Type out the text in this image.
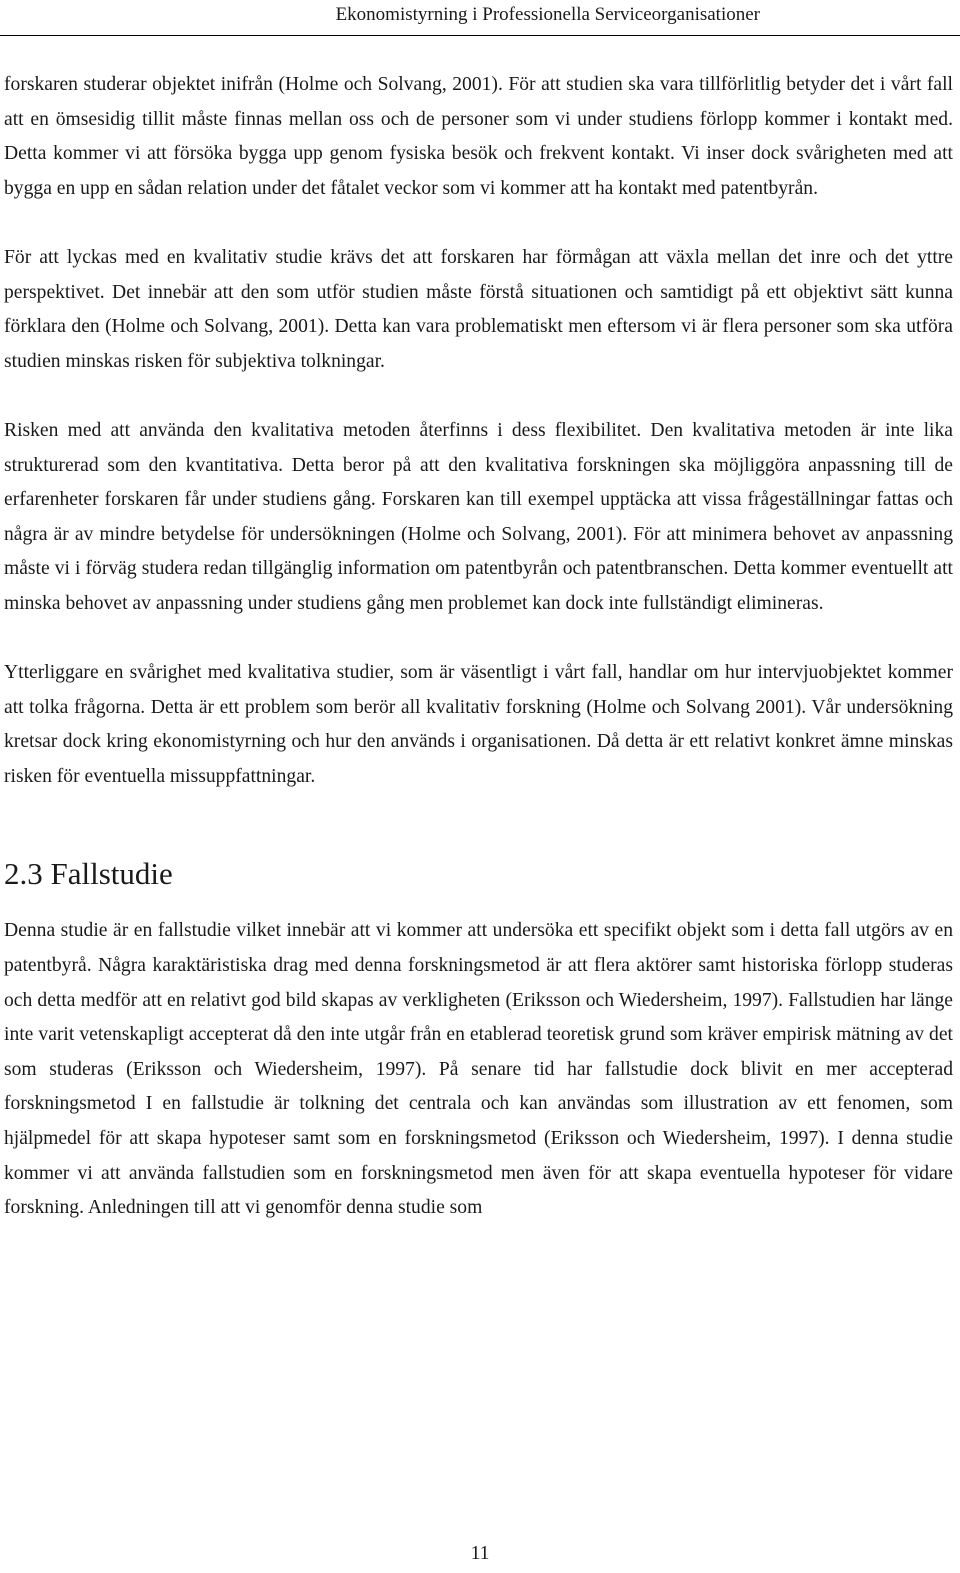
Ekonomistyrning i Professionella Serviceorganisationer

forskaren studerar objektet inifrån (Holme och Solvang, 2001). För att studien ska vara tillförlitlig betyder det i vårt fall att en ömsesidig tillit måste finnas mellan oss och de personer som vi under studiens förlopp kommer i kontakt med. Detta kommer vi att försöka bygga upp genom fysiska besök och frekvent kontakt. Vi inser dock svårigheten med att bygga en upp en sådan relation under det fåtalet veckor som vi kommer att ha kontakt med patentbyrån.

För att lyckas med en kvalitativ studie krävs det att forskaren har förmågan att växla mellan det inre och det yttre perspektivet. Det innebär att den som utför studien måste förstå situationen och samtidigt på ett objektivt sätt kunna förklara den (Holme och Solvang, 2001). Detta kan vara problematiskt men eftersom vi är flera personer som ska utföra studien minskas risken för subjektiva tolkningar.

Risken med att använda den kvalitativa metoden återfinns i dess flexibilitet. Den kvalitativa metoden är inte lika strukturerad som den kvantitativa. Detta beror på att den kvalitativa forskningen ska möjliggöra anpassning till de erfarenheter forskaren får under studiens gång. Forskaren kan till exempel upptäcka att vissa frågeställningar fattas och några är av mindre betydelse för undersökningen (Holme och Solvang, 2001). För att minimera behovet av anpassning måste vi i förväg studera redan tillgänglig information om patentbyrån och patentbranschen. Detta kommer eventuellt att minska behovet av anpassning under studiens gång men problemet kan dock inte fullständigt elimineras.

Ytterliggare en svårighet med kvalitativa studier, som är väsentligt i vårt fall, handlar om hur intervjuobjektet kommer att tolka frågorna. Detta är ett problem som berör all kvalitativ forskning (Holme och Solvang 2001). Vår undersökning kretsar dock kring ekonomistyrning och hur den används i organisationen. Då detta är ett relativt konkret ämne minskas risken för eventuella missuppfattningar.

2.3 Fallstudie

Denna studie är en fallstudie vilket innebär att vi kommer att undersöka ett specifikt objekt som i detta fall utgörs av en patentbyrå. Några karaktäristiska drag med denna forskningsmetod är att flera aktörer samt historiska förlopp studeras och detta medför att en relativt god bild skapas av verkligheten (Eriksson och Wiedersheim, 1997). Fallstudien har länge inte varit vetenskapligt accepterat då den inte utgår från en etablerad teoretisk grund som kräver empirisk mätning av det som studeras (Eriksson och Wiedersheim, 1997). På senare tid har fallstudie dock blivit en mer accepterad forskningsmetod I en fallstudie är tolkning det centrala och kan användas som illustration av ett fenomen, som hjälpmedel för att skapa hypoteser samt som en forskningsmetod (Eriksson och Wiedersheim, 1997). I denna studie kommer vi att använda fallstudien som en forskningsmetod men även för att skapa eventuella hypoteser för vidare forskning. Anledningen till att vi genomför denna studie som

11
